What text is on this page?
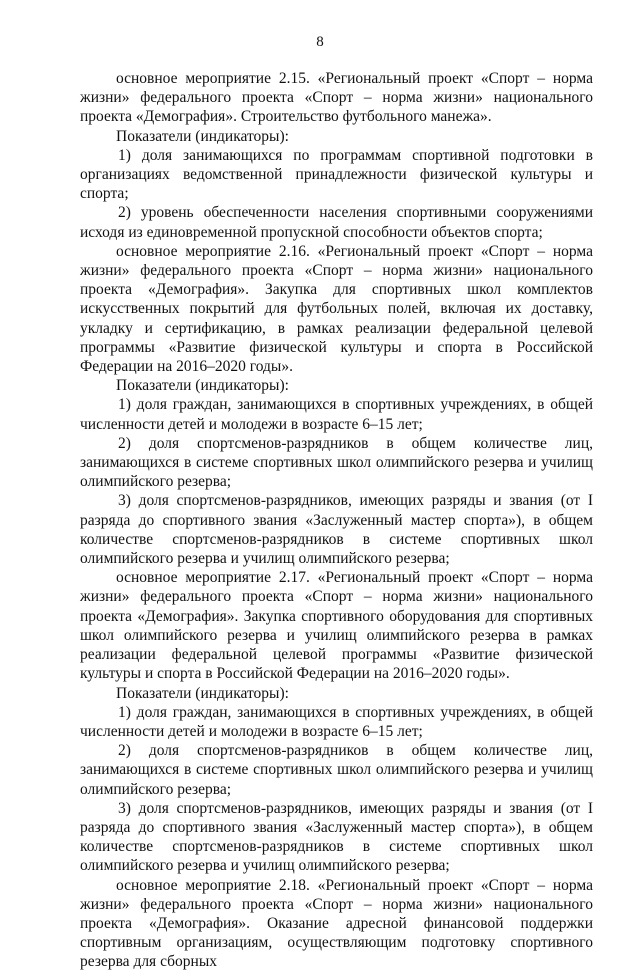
8

основное мероприятие 2.15. «Региональный проект «Спорт – норма жизни» федерального проекта «Спорт – норма жизни» национального проекта «Демография». Строительство футбольного манежа».

Показатели (индикаторы):

1) доля занимающихся по программам спортивной подготовки в организациях ведомственной принадлежности физической культуры и спорта;

2) уровень обеспеченности населения спортивными сооружениями исходя из единовременной пропускной способности объектов спорта;

основное мероприятие 2.16. «Региональный проект «Спорт – норма жизни» федерального проекта «Спорт – норма жизни» национального проекта «Демография». Закупка для спортивных школ комплектов искусственных покрытий для футбольных полей, включая их доставку, укладку и сертификацию, в рамках реализации федеральной целевой программы «Развитие физической культуры и спорта в Российской Федерации на 2016–2020 годы».

Показатели (индикаторы):

1) доля граждан, занимающихся в спортивных учреждениях, в общей численности детей и молодежи в возрасте 6–15 лет;

2) доля спортсменов-разрядников в общем количестве лиц, занимающихся в системе спортивных школ олимпийского резерва и училищ олимпийского резерва;

3) доля спортсменов-разрядников, имеющих разряды и звания (от I разряда до спортивного звания «Заслуженный мастер спорта»), в общем количестве спортсменов-разрядников в системе спортивных школ олимпийского резерва и училищ олимпийского резерва;

основное мероприятие 2.17. «Региональный проект «Спорт – норма жизни» федерального проекта «Спорт – норма жизни» национального проекта «Демография». Закупка спортивного оборудования для спортивных школ олимпийского резерва и училищ олимпийского резерва в рамках реализации федеральной целевой программы «Развитие физической культуры и спорта в Российской Федерации на 2016–2020 годы».

Показатели (индикаторы):

1) доля граждан, занимающихся в спортивных учреждениях, в общей численности детей и молодежи в возрасте 6–15 лет;

2) доля спортсменов-разрядников в общем количестве лиц, занимающихся в системе спортивных школ олимпийского резерва и училищ олимпийского резерва;

3) доля спортсменов-разрядников, имеющих разряды и звания (от I разряда до спортивного звания «Заслуженный мастер спорта»), в общем количестве спортсменов-разрядников в системе спортивных школ олимпийского резерва и училищ олимпийского резерва;

основное мероприятие 2.18. «Региональный проект «Спорт – норма жизни» федерального проекта «Спорт – норма жизни» национального проекта «Демография». Оказание адресной финансовой поддержки спортивным организациям, осуществляющим подготовку спортивного резерва для сборных
